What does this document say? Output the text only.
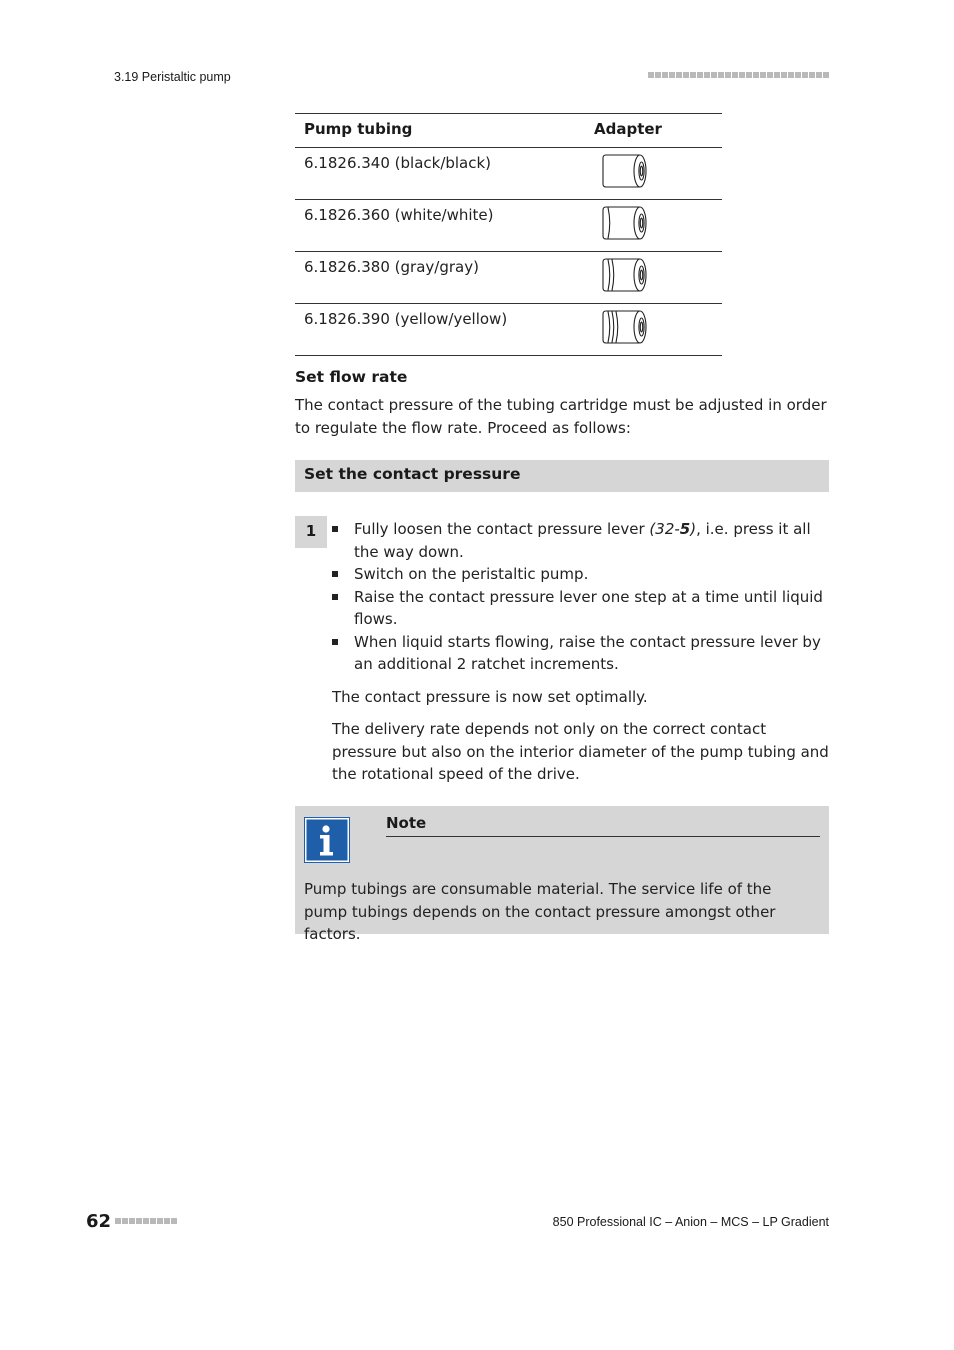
3.19 Peristaltic pump
Pump tubing	Adapter
6.1826.340 (black/black)
6.1826.360 (white/white)
6.1826.380 (gray/gray)
6.1826.390 (yellow/yellow)
Set flow rate
The contact pressure of the tubing cartridge must be adjusted in order to regulate the flow rate. Proceed as follows:
Set the contact pressure
1	Fully loosen the contact pressure lever (32-5), i.e. press it all the way down.
Switch on the peristaltic pump.
Raise the contact pressure lever one step at a time until liquid flows.
When liquid starts flowing, raise the contact pressure lever by an additional 2 ratchet increments.
The contact pressure is now set optimally.
The delivery rate depends not only on the correct contact pressure but also on the interior diameter of the pump tubing and the rotational speed of the drive.
Note
Pump tubings are consumable material. The service life of the pump tubings depends on the contact pressure amongst other factors.
62	850 Professional IC – Anion – MCS – LP Gradient
